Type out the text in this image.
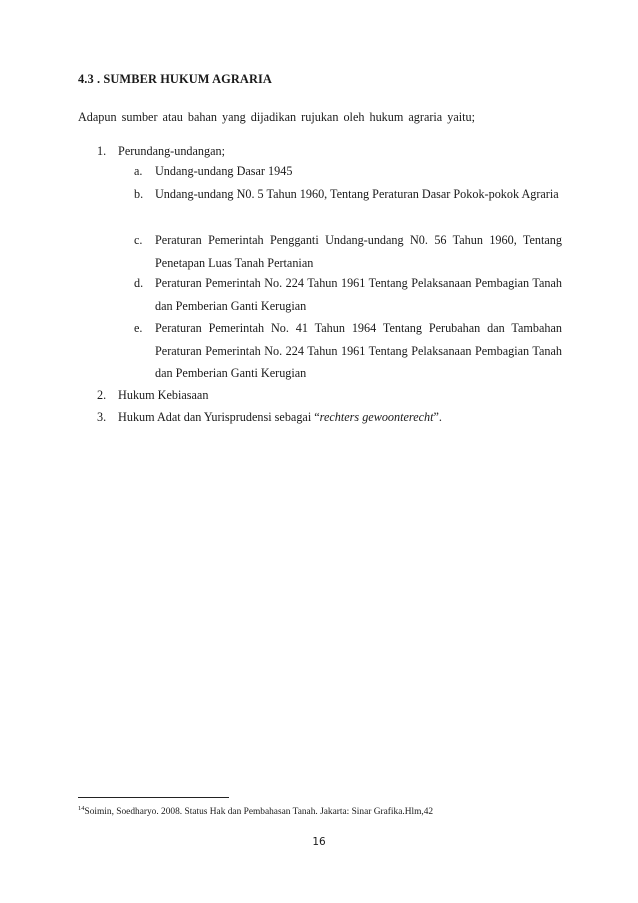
4.3 . SUMBER HUKUM AGRARIA
Adapun sumber atau bahan yang dijadikan rujukan oleh hukum agraria yaitu;
1. Perundang-undangan;
a. Undang-undang Dasar 1945
b. Undang-undang N0. 5 Tahun 1960, Tentang Peraturan Dasar Pokok-pokok Agraria
c. Peraturan Pemerintah Pengganti Undang-undang N0. 56 Tahun 1960, Tentang Penetapan Luas Tanah Pertanian
d. Peraturan Pemerintah No. 224 Tahun 1961 Tentang Pelaksanaan Pembagian Tanah dan Pemberian Ganti Kerugian
e. Peraturan Pemerintah No. 41 Tahun 1964 Tentang Perubahan dan Tambahan Peraturan Pemerintah No. 224 Tahun 1961 Tentang Pelaksanaan Pembagian Tanah dan Pemberian Ganti Kerugian
2. Hukum Kebiasaan
3. Hukum Adat dan Yurisprudensi sebagai “rechters gewoonterecht”.
$^{14}$Soimin, Soedharyo. 2008. Status Hak dan Pembahasan Tanah. Jakarta: Sinar Grafika.Hlm,42
16
